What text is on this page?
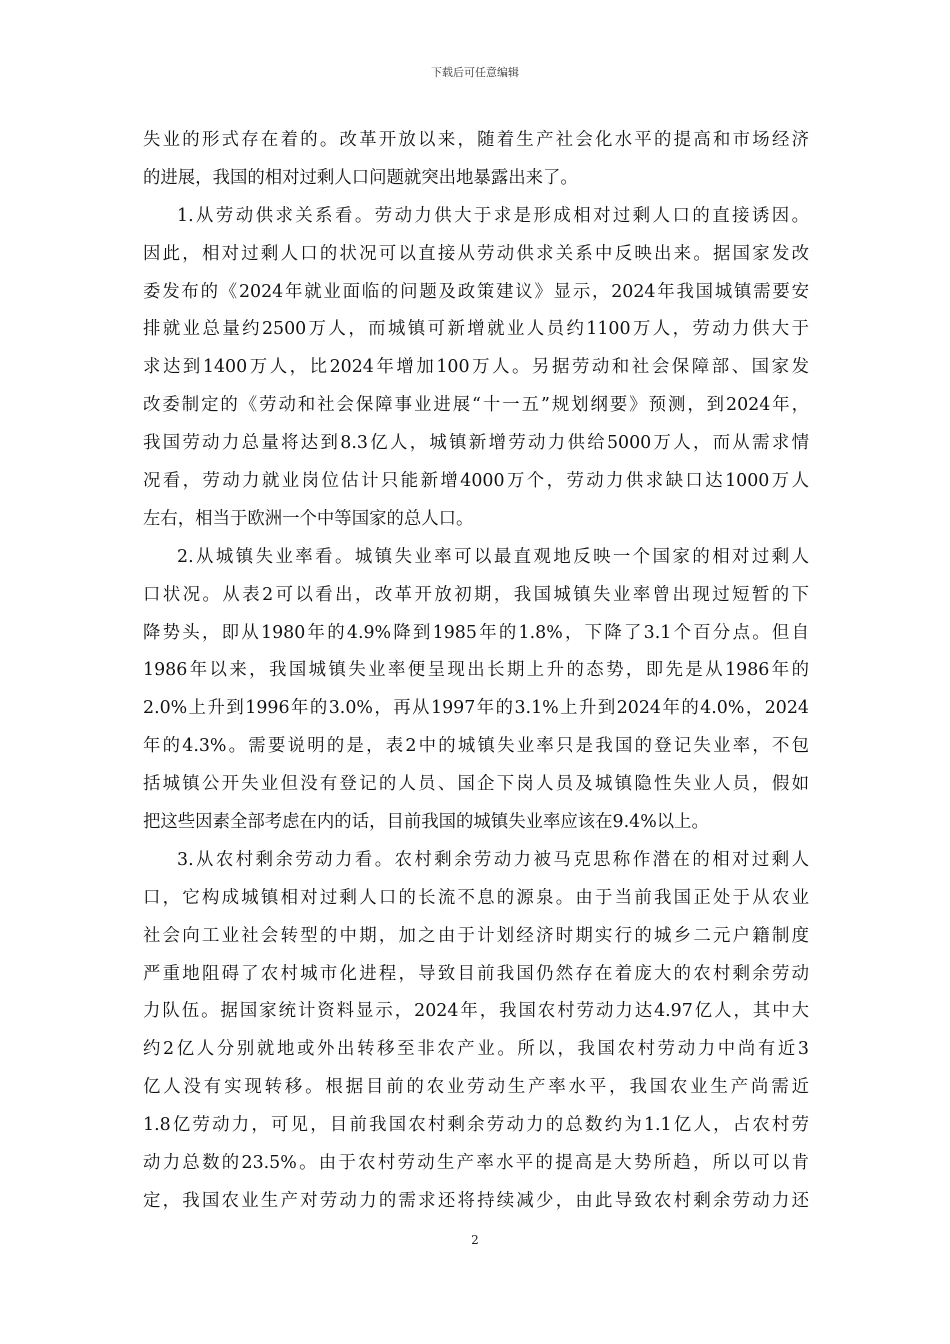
下载后可任意编辑
失业的形式存在着的。改革开放以来，随着生产社会化水平的提高和市场经济
的进展，我国的相对过剩人口问题就突出地暴露出来了。
1.从劳动供求关系看。劳动力供大于求是形成相对过剩人口的直接诱因。
因此，相对过剩人口的状况可以直接从劳动供求关系中反映出来。据国家发改
委发布的《2024年就业面临的问题及政策建议》显示，2024年我国城镇需要安
排就业总量约2500万人，而城镇可新增就业人员约1100万人，劳动力供大于
求达到1400万人，比2024年增加100万人。另据劳动和社会保障部、国家发
改委制定的《劳动和社会保障事业进展“十一五”规划纲要》预测，到2024年，
我国劳动力总量将达到8.3亿人，城镇新增劳动力供给5000万人，而从需求情
况看，劳动力就业岗位估计只能新增4000万个，劳动力供求缺口达1000万人
左右，相当于欧洲一个中等国家的总人口。
2.从城镇失业率看。城镇失业率可以最直观地反映一个国家的相对过剩人
口状况。从表2可以看出，改革开放初期，我国城镇失业率曾出现过短暂的下
降势头，即从1980年的4.9%降到1985年的1.8%，下降了3.1个百分点。但自
1986年以来，我国城镇失业率便呈现出长期上升的态势，即先是从1986年的
2.0%上升到1996年的3.0%，再从1997年的3.1%上升到2024年的4.0%，2024
年的4.3%。需要说明的是，表2中的城镇失业率只是我国的登记失业率，不包
括城镇公开失业但没有登记的人员、国企下岗人员及城镇隐性失业人员，假如
把这些因素全部考虑在内的话，目前我国的城镇失业率应该在9.4%以上。
3.从农村剩余劳动力看。农村剩余劳动力被马克思称作潜在的相对过剩人
口，它构成城镇相对过剩人口的长流不息的源泉。由于当前我国正处于从农业
社会向工业社会转型的中期，加之由于计划经济时期实行的城乡二元户籍制度
严重地阻碍了农村城市化进程，导致目前我国仍然存在着庞大的农村剩余劳动
力队伍。据国家统计资料显示，2024年，我国农村劳动力达4.97亿人，其中大
约2亿人分别就地或外出转移至非农产业。所以，我国农村劳动力中尚有近3
亿人没有实现转移。根据目前的农业劳动生产率水平，我国农业生产尚需近
1.8亿劳动力，可见，目前我国农村剩余劳动力的总数约为1.1亿人，占农村劳
动力总数的23.5%。由于农村劳动生产率水平的提高是大势所趋，所以可以肯
定，我国农业生产对劳动力的需求还将持续减少，由此导致农村剩余劳动力还
2
